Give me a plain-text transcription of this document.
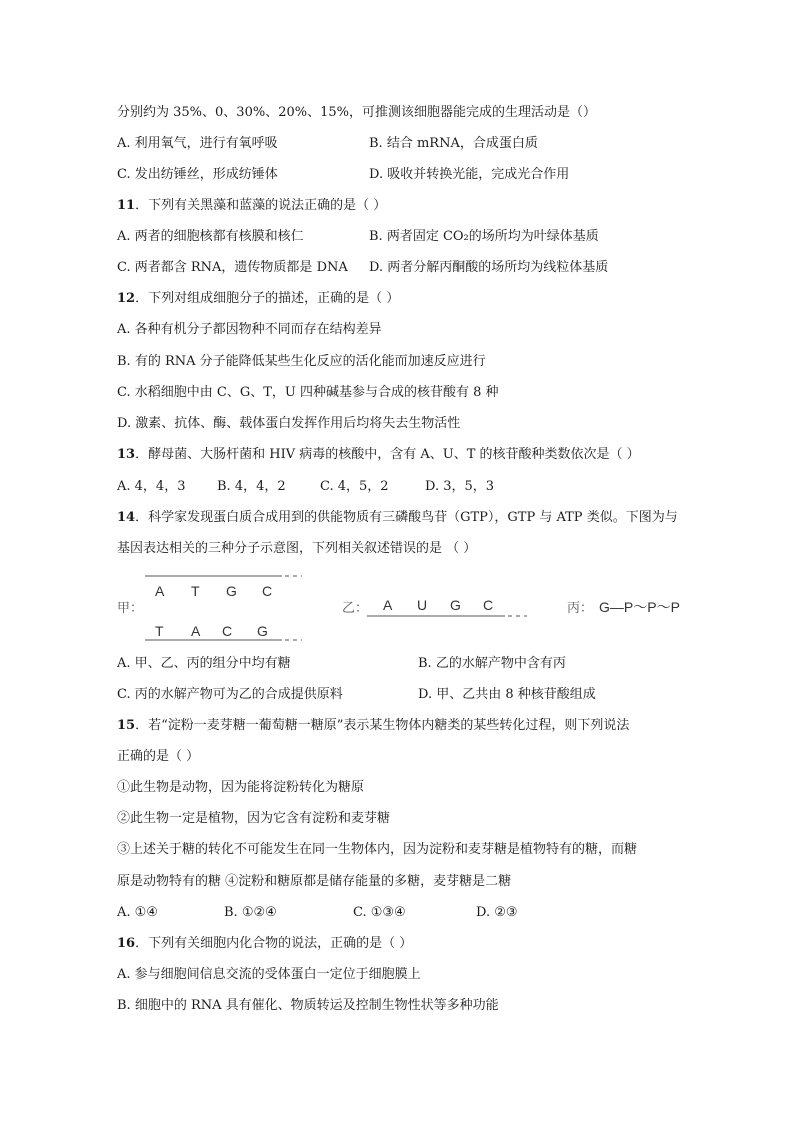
分别约为 35%、0、30%、20%、15%，可推测该细胞器能完成的生理活动是（）
A. 利用氧气，进行有氧呼吸	B. 结合 mRNA，合成蛋白质
C. 发出纺锤丝，形成纺锤体	D. 吸收并转换光能，完成光合作用
11．下列有关黑藻和蓝藻的说法正确的是（ ）
A. 两者的细胞核都有核膜和核仁	B. 两者固定 CO₂的场所均为叶绿体基质
C. 两者都含 RNA，遗传物质都是 DNA D. 两者分解丙酮酸的场所均为线粒体基质
12．下列对组成细胞分子的描述，正确的是（ ）
A. 各种有机分子都因物种不同而存在结构差异
B. 有的 RNA 分子能降低某些生化反应的活化能而加速反应进行
C. 水稻细胞中由 C、G、T，U 四种碱基参与合成的核苷酸有 8 种
D. 激素、抗体、酶、载体蛋白发挥作用后均将失去生物活性
13．酵母菌、大肠杆菌和 HIV 病毒的核酸中，含有 A、U、T 的核苷酸种类数依次是（ ）
A. 4，4，3 B. 4，4，2	C. 4，5，2	D. 3，5，3
14．科学家发现蛋白质合成用到的供能物质有三磷酸鸟苷（GTP），GTP 与 ATP 类似。下图为与
基因表达相关的三种分子示意图，下列相关叙述错误的是 （ ）
A T G C
甲：
T A C G
乙： A U G C	丙： G—P～P～P
A. 甲、乙、丙的组分中均有糖	B. 乙的水解产物中含有丙
C. 丙的水解产物可为乙的合成提供原料	D. 甲、乙共由 8 种核苷酸组成
15．若“淀粉一麦芽糖一葡萄糖一糖原”表示某生物体内糖类的某些转化过程，则下列说法
正确的是（ ）
①此生物是动物，因为能将淀粉转化为糖原
②此生物一定是植物，因为它含有淀粉和麦芽糖
③上述关于糖的转化不可能发生在同一生物体内，因为淀粉和麦芽糖是植物特有的糖，而糖
原是动物特有的糖 ④淀粉和糖原都是储存能量的多糖，麦芽糖是二糖
A. ①④	B. ①②④	C. ①③④	D. ②③
16．下列有关细胞内化合物的说法，正确的是（ ）
A. 参与细胞间信息交流的受体蛋白一定位于细胞膜上
B. 细胞中的 RNA 具有催化、物质转运及控制生物性状等多种功能
